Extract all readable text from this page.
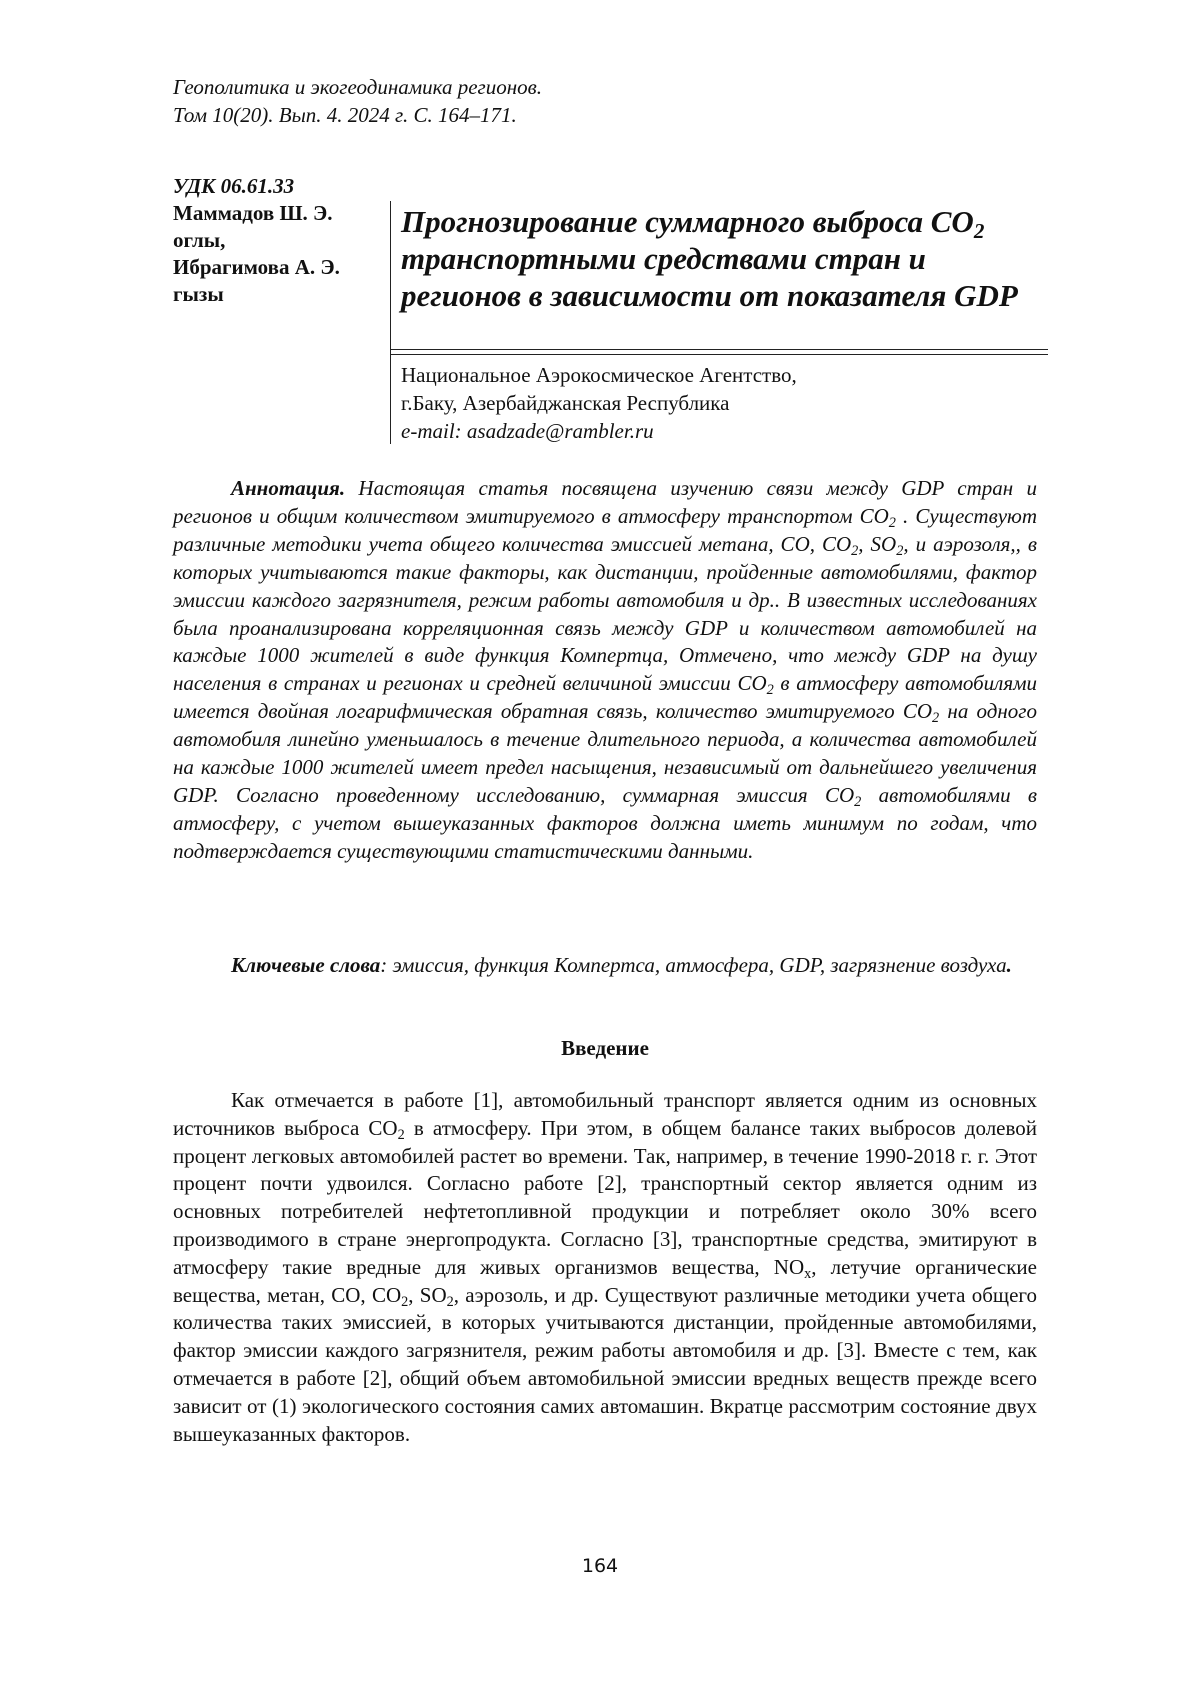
Геополитика и экогеодинамика регионов.
Том 10(20). Вып. 4. 2024 г. С. 164–171.
УДК 06.61.33
Маммадов Ш. Э.
оглы,
Ибрагимова А. Э.
гызы
Прогнозирование суммарного выброса $CO_2$ транспортными средствами стран и регионов в зависимости от показателя GDP
Национальное Аэрокосмическое Агентство,
г.Баку, Азербайджанская Республика
e-mail: asadzade@rambler.ru

Аннотация. Настоящая статья посвящена изучению связи между GDP стран и регионов и общим количеством эмитируемого в атмосферу транспортом $CO_2$ . Существуют различные методики учета общего количества эмиссией метана, CO, $CO_2$, $SO_2$, и аэрозоля,, в которых учитываются такие факторы, как дистанции, пройденные автомобилями, фактор эмиссии каждого загрязнителя, режим работы автомобиля и др.. В известных исследованиях была проанализирована корреляционная связь между GDP и количеством автомобилей на каждые 1000 жителей в виде функция Компертца, Отмечено, что между GDP на душу населения в странах и регионах и средней величиной эмиссии $CO_2$ в атмосферу автомобилями имеется двойная логарифмическая обратная связь, количество эмитируемого $CO_2$ на одного автомобиля линейно уменьшалось в течение длительного периода, а количества автомобилей на каждые 1000 жителей имеет предел насыщения, независимый от дальнейшего увеличения GDP. Согласно проведенному исследованию, суммарная эмиссия $CO_2$ автомобилями в атмосферу, с учетом вышеуказанных факторов должна иметь минимум по годам, что подтверждается существующими статистическими данными.

Ключевые слова: эмиссия, функция Компертса, атмосфера, GDP, загрязнение воздуха.

Введение

Как отмечается в работе [1], автомобильный транспорт является одним из основных источников выброса $CO_2$ в атмосферу. При этом, в общем балансе таких выбросов долевой процент легковых автомобилей растет во времени. Так, например, в течение 1990-2018 г. г. Этот процент почти удвоился. Согласно работе [2], транспортный сектор является одним из основных потребителей нефтетопливной продукции и потребляет около 30% всего производимого в стране энергопродукта. Согласно [3], транспортные средства, эмитируют в атмосферу такие вредные для живых организмов вещества, $NO_x$, летучие органические вещества, метан, CO, $CO_2$, $SO_2$, аэрозоль, и др. Существуют различные методики учета общего количества таких эмиссией, в которых учитываются дистанции, пройденные автомобилями, фактор эмиссии каждого загрязнителя, режим работы автомобиля и др. [3]. Вместе с тем, как отмечается в работе [2], общий объем автомобильной эмиссии вредных веществ прежде всего зависит от (1) экологического состояния самих автомашин. Вкратце рассмотрим состояние двух вышеуказанных факторов.

164
